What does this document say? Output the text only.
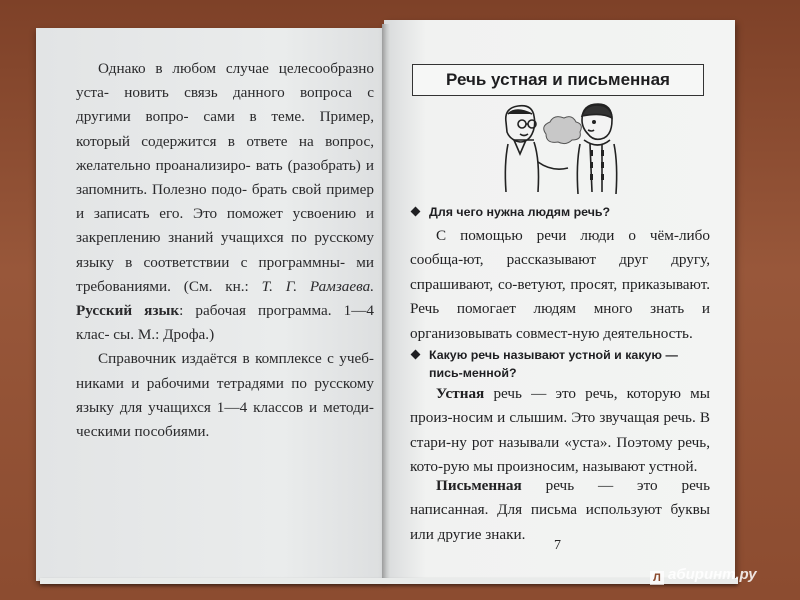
Однако в любом случае целесообразно уста- новить связь данного вопроса с другими вопро- сами в теме. Пример, который содержится в ответе на вопрос, желательно проанализиро- вать (разобрать) и запомнить. Полезно подо- брать свой пример и записать его. Это поможет усвоению и закреплению знаний учащихся по русскому языку в соответствии с программны- ми требованиями. (См. кн.: Т. Г. Рамзаева. Русский язык: рабочая программа. 1—4 клас- сы. М.: Дрофа.)

Справочник издаётся в комплексе с учеб-никами и рабочими тетрадями по русскому языку для учащихся 1—4 классов и методи-ческими пособиями.

Речь устная и письменная
Для чего нужна людям речь?

С помощью речи люди о чём-либо сообща-ют, рассказывают друг другу, спрашивают, со-ветуют, просят, приказывают. Речь помогает людям много знать и организовывать совмест-ную деятельность.

Какую речь называют устной и какую — пись-менной?

Устная речь — это речь, которую мы произ-носим и слышим. Это звучащая речь. В стари-ну рот называли «уста». Поэтому речь, кото-рую мы произносим, называют устной.

Письменная речь — это речь написанная. Для письма используют буквы или другие знаки.

7
Л абиринт.ру
